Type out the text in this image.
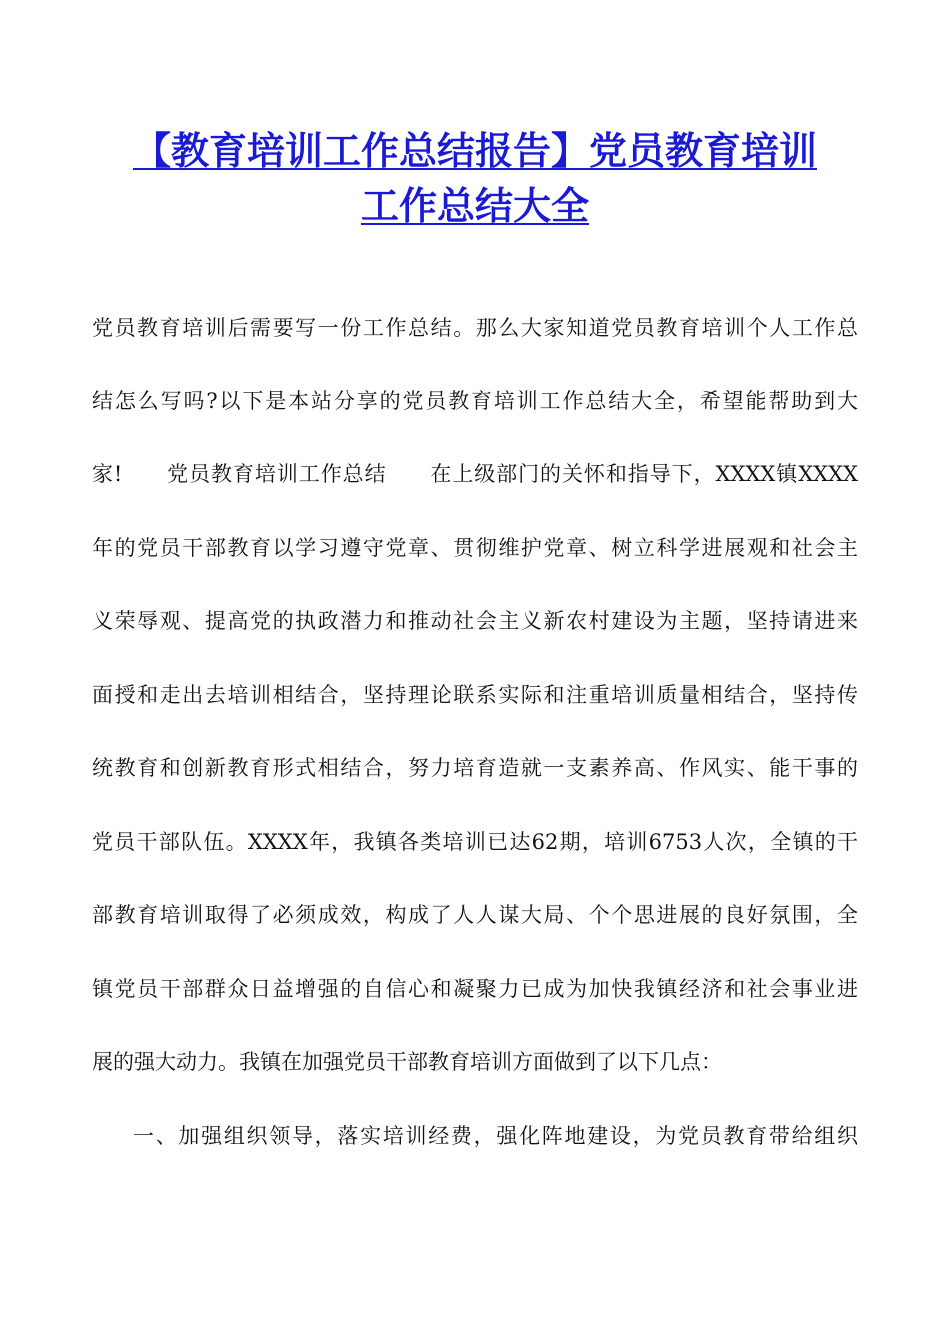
【教育培训工作总结报告】党员教育培训
工作总结大全

党员教育培训后需要写一份工作总结。那么大家知道党员教育培训个人工作总

结怎么写吗?以下是本站分享的党员教育培训工作总结大全，希望能帮助到大

家!　　党员教育培训工作总结　　在上级部门的关怀和指导下，XXXX镇XXXX

年的党员干部教育以学习遵守党章、贯彻维护党章、树立科学进展观和社会主

义荣辱观、提高党的执政潜力和推动社会主义新农村建设为主题，坚持请进来

面授和走出去培训相结合，坚持理论联系实际和注重培训质量相结合，坚持传

统教育和创新教育形式相结合，努力培育造就一支素养高、作风实、能干事的

党员干部队伍。XXXX年，我镇各类培训已达62期，培训6753人次，全镇的干

部教育培训取得了必须成效，构成了人人谋大局、个个思进展的良好氛围，全

镇党员干部群众日益增强的自信心和凝聚力已成为加快我镇经济和社会事业进

展的强大动力。我镇在加强党员干部教育培训方面做到了以下几点：

一、加强组织领导，落实培训经费，强化阵地建设，为党员教育带给组织
